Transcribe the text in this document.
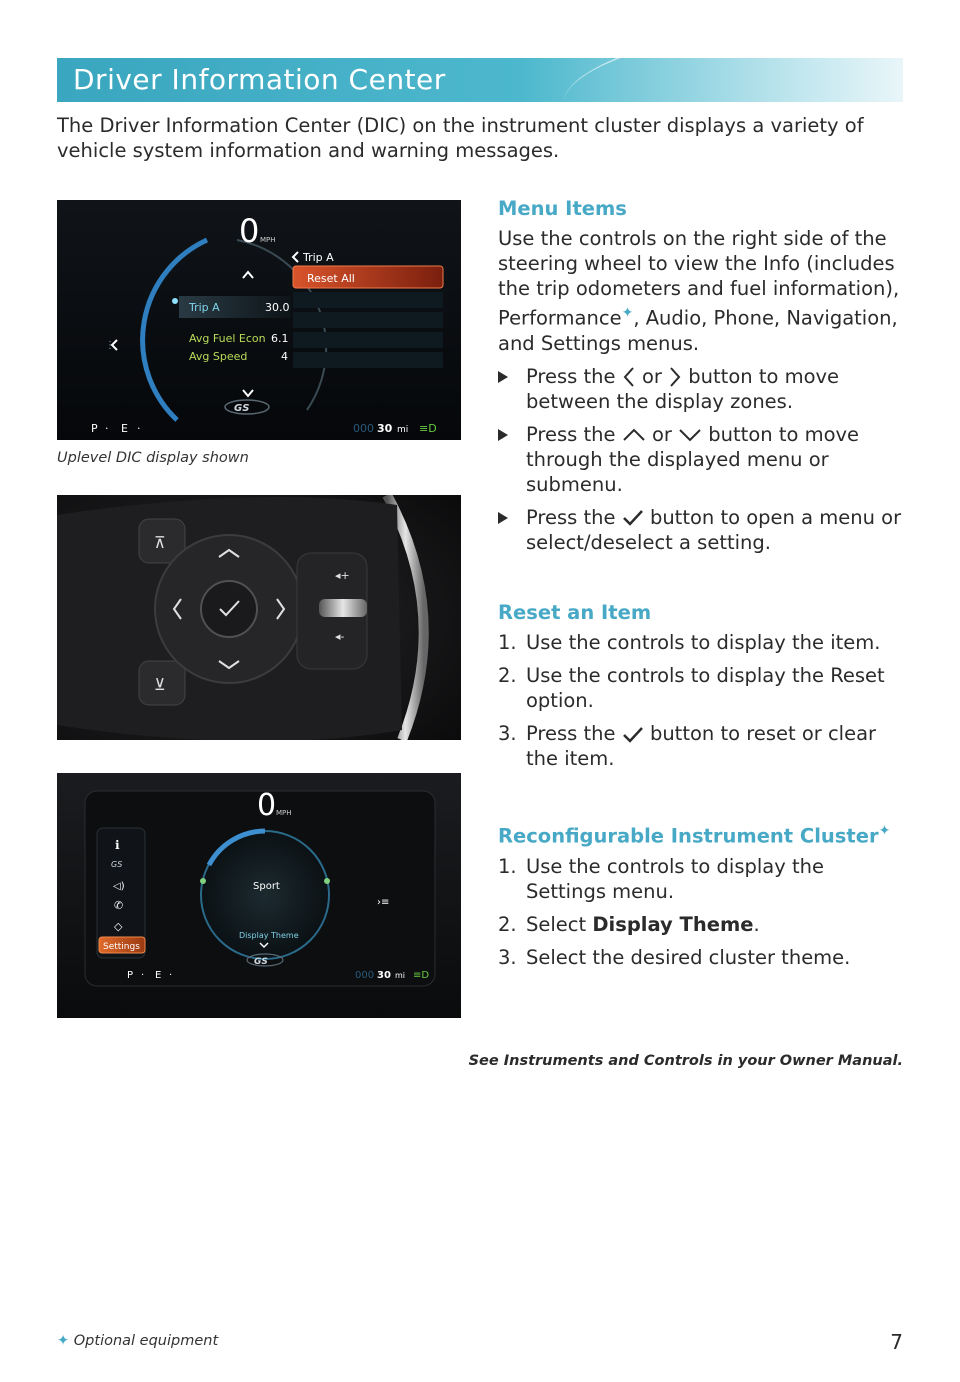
Driver Information Center
The Driver Information Center (DIC) on the instrument cluster displays a variety of vehicle system information and warning messages.
0 MPH
Trip A
Reset All
Trip A	30.0
Avg Fuel Econ 6.1
Avg Speed	4
⋮
GS
P · E ·	000 30 mi ≡D
Uplevel DIC display shown
⊼
⊻
◂+
◂-
0 MPH
Sport
Display Theme
GS
ℹ
GS
◁)
✆
◇
Settings
›≡
P · E ·	000 30 mi ≡D
Menu Items
Use the controls on the right side of the steering wheel to view the Info (includes the trip odometers and fuel information), Performance✦, Audio, Phone, Navigation, and Settings menus.
Press the or button to move between the display zones.
Press the or button to move through the displayed menu or submenu.
Press the button to open a menu or select/deselect a setting.
Reset an Item
1. Use the controls to display the item.
2. Use the controls to display the Reset option.
3. Press the button to reset or clear the item.
Reconfigurable Instrument Cluster✦
1. Use the controls to display the Settings menu.
2. Select Display Theme.
3. Select the desired cluster theme.
See Instruments and Controls in your Owner Manual.
✦ Optional equipment	7
